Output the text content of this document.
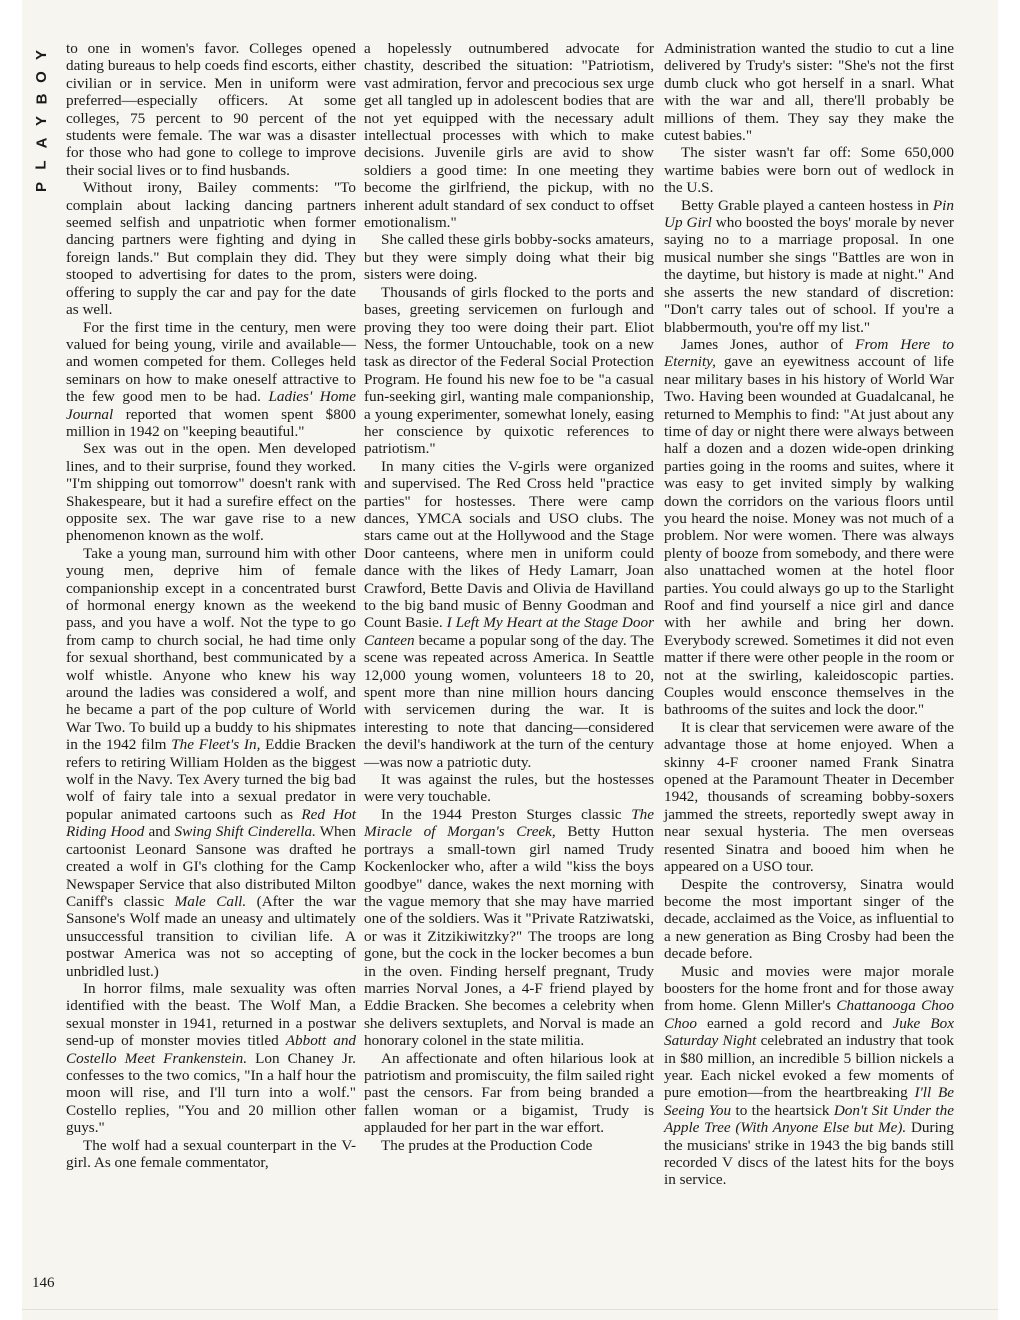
Y
O
B
Y
A
L
P

to one in women's favor. Colleges opened dating bureaus to help coeds find escorts, either civilian or in service. Men in uniform were preferred—especially officers. At some colleges, 75 percent to 90 percent of the students were female. The war was a disaster for those who had gone to college to improve their social lives or to find husbands.

Without irony, Bailey comments: "To complain about lacking dancing partners seemed selfish and unpatriotic when former dancing partners were fighting and dying in foreign lands." But complain they did. They stooped to advertising for dates to the prom, offering to supply the car and pay for the date as well.

For the first time in the century, men were valued for being young, virile and available—and women competed for them. Colleges held seminars on how to make oneself attractive to the few good men to be had. Ladies' Home Journal reported that women spent $800 million in 1942 on "keeping beautiful."

Sex was out in the open. Men developed lines, and to their surprise, found they worked. "I'm shipping out tomorrow" doesn't rank with Shakespeare, but it had a surefire effect on the opposite sex. The war gave rise to a new phenomenon known as the wolf.

Take a young man, surround him with other young men, deprive him of female companionship except in a concentrated burst of hormonal energy known as the weekend pass, and you have a wolf. Not the type to go from camp to church social, he had time only for sexual shorthand, best communicated by a wolf whistle. Anyone who knew his way around the ladies was considered a wolf, and he became a part of the pop culture of World War Two. To build up a buddy to his shipmates in the 1942 film The Fleet's In, Eddie Bracken refers to retiring William Holden as the biggest wolf in the Navy. Tex Avery turned the big bad wolf of fairy tale into a sexual predator in popular animated cartoons such as Red Hot Riding Hood and Swing Shift Cinderella. When cartoonist Leonard Sansone was drafted he created a wolf in GI's clothing for the Camp Newspaper Service that also distributed Milton Caniff's classic Male Call. (After the war Sansone's Wolf made an uneasy and ultimately unsuccessful transition to civilian life. A postwar America was not so accepting of unbridled lust.)

In horror films, male sexuality was often identified with the beast. The Wolf Man, a sexual monster in 1941, returned in a postwar send-up of monster movies titled Abbott and Costello Meet Frankenstein. Lon Chaney Jr. confesses to the two comics, "In a half hour the moon will rise, and I'll turn into a wolf." Costello replies, "You and 20 million other guys."

The wolf had a sexual counterpart in the V-girl. As one female commentator,

a hopelessly outnumbered advocate for chastity, described the situation: "Patriotism, vast admiration, fervor and precocious sex urge get all tangled up in adolescent bodies that are not yet equipped with the necessary adult intellectual processes with which to make decisions. Juvenile girls are avid to show soldiers a good time: In one meeting they become the girlfriend, the pickup, with no inherent adult standard of sex conduct to offset emotionalism."

She called these girls bobby-socks amateurs, but they were simply doing what their big sisters were doing.

Thousands of girls flocked to the ports and bases, greeting servicemen on furlough and proving they too were doing their part. Eliot Ness, the former Untouchable, took on a new task as director of the Federal Social Protection Program. He found his new foe to be "a casual fun-seeking girl, wanting male companionship, a young experimenter, somewhat lonely, easing her conscience by quixotic references to patriotism."

In many cities the V-girls were organized and supervised. The Red Cross held "practice parties" for hostesses. There were camp dances, YMCA socials and USO clubs. The stars came out at the Hollywood and the Stage Door canteens, where men in uniform could dance with the likes of Hedy Lamarr, Joan Crawford, Bette Davis and Olivia de Havilland to the big band music of Benny Goodman and Count Basie. I Left My Heart at the Stage Door Canteen became a popular song of the day. The scene was repeated across America. In Seattle 12,000 young women, volunteers 18 to 20, spent more than nine million hours dancing with servicemen during the war. It is interesting to note that dancing—considered the devil's handiwork at the turn of the century—was now a patriotic duty.

It was against the rules, but the hostesses were very touchable.

In the 1944 Preston Sturges classic The Miracle of Morgan's Creek, Betty Hutton portrays a small-town girl named Trudy Kockenlocker who, after a wild "kiss the boys goodbye" dance, wakes the next morning with the vague memory that she may have married one of the soldiers. Was it "Private Ratziwatski, or was it Zitzikiwitzky?" The troops are long gone, but the cock in the locker becomes a bun in the oven. Finding herself pregnant, Trudy marries Norval Jones, a 4-F friend played by Eddie Bracken. She becomes a celebrity when she delivers sextuplets, and Norval is made an honorary colonel in the state militia.

An affectionate and often hilarious look at patriotism and promiscuity, the film sailed right past the censors. Far from being branded a fallen woman or a bigamist, Trudy is applauded for her part in the war effort.

The prudes at the Production Code

Administration wanted the studio to cut a line delivered by Trudy's sister: "She's not the first dumb cluck who got herself in a snarl. What with the war and all, there'll probably be millions of them. They say they make the cutest babies."

The sister wasn't far off: Some 650,000 wartime babies were born out of wedlock in the U.S.

Betty Grable played a canteen hostess in Pin Up Girl who boosted the boys' morale by never saying no to a marriage proposal. In one musical number she sings "Battles are won in the daytime, but history is made at night." And she asserts the new standard of discretion: "Don't carry tales out of school. If you're a blabbermouth, you're off my list."

James Jones, author of From Here to Eternity, gave an eyewitness account of life near military bases in his history of World War Two. Having been wounded at Guadalcanal, he returned to Memphis to find: "At just about any time of day or night there were always between half a dozen and a dozen wide-open drinking parties going in the rooms and suites, where it was easy to get invited simply by walking down the corridors on the various floors until you heard the noise. Money was not much of a problem. Nor were women. There was always plenty of booze from somebody, and there were also unattached women at the hotel floor parties. You could always go up to the Starlight Roof and find yourself a nice girl and dance with her awhile and bring her down. Everybody screwed. Sometimes it did not even matter if there were other people in the room or not at the swirling, kaleidoscopic parties. Couples would ensconce themselves in the bathrooms of the suites and lock the door."

It is clear that servicemen were aware of the advantage those at home enjoyed. When a skinny 4-F crooner named Frank Sinatra opened at the Paramount Theater in December 1942, thousands of screaming bobby-soxers jammed the streets, reportedly swept away in near sexual hysteria. The men overseas resented Sinatra and booed him when he appeared on a USO tour.

Despite the controversy, Sinatra would become the most important singer of the decade, acclaimed as the Voice, as influential to a new generation as Bing Crosby had been the decade before.

Music and movies were major morale boosters for the home front and for those away from home. Glenn Miller's Chattanooga Choo Choo earned a gold record and Juke Box Saturday Night celebrated an industry that took in $80 million, an incredible 5 billion nickels a year. Each nickel evoked a few moments of pure emotion—from the heartbreaking I'll Be Seeing You to the heartsick Don't Sit Under the Apple Tree (With Anyone Else but Me). During the musicians' strike in 1943 the big bands still recorded V discs of the latest hits for the boys in service.

146
